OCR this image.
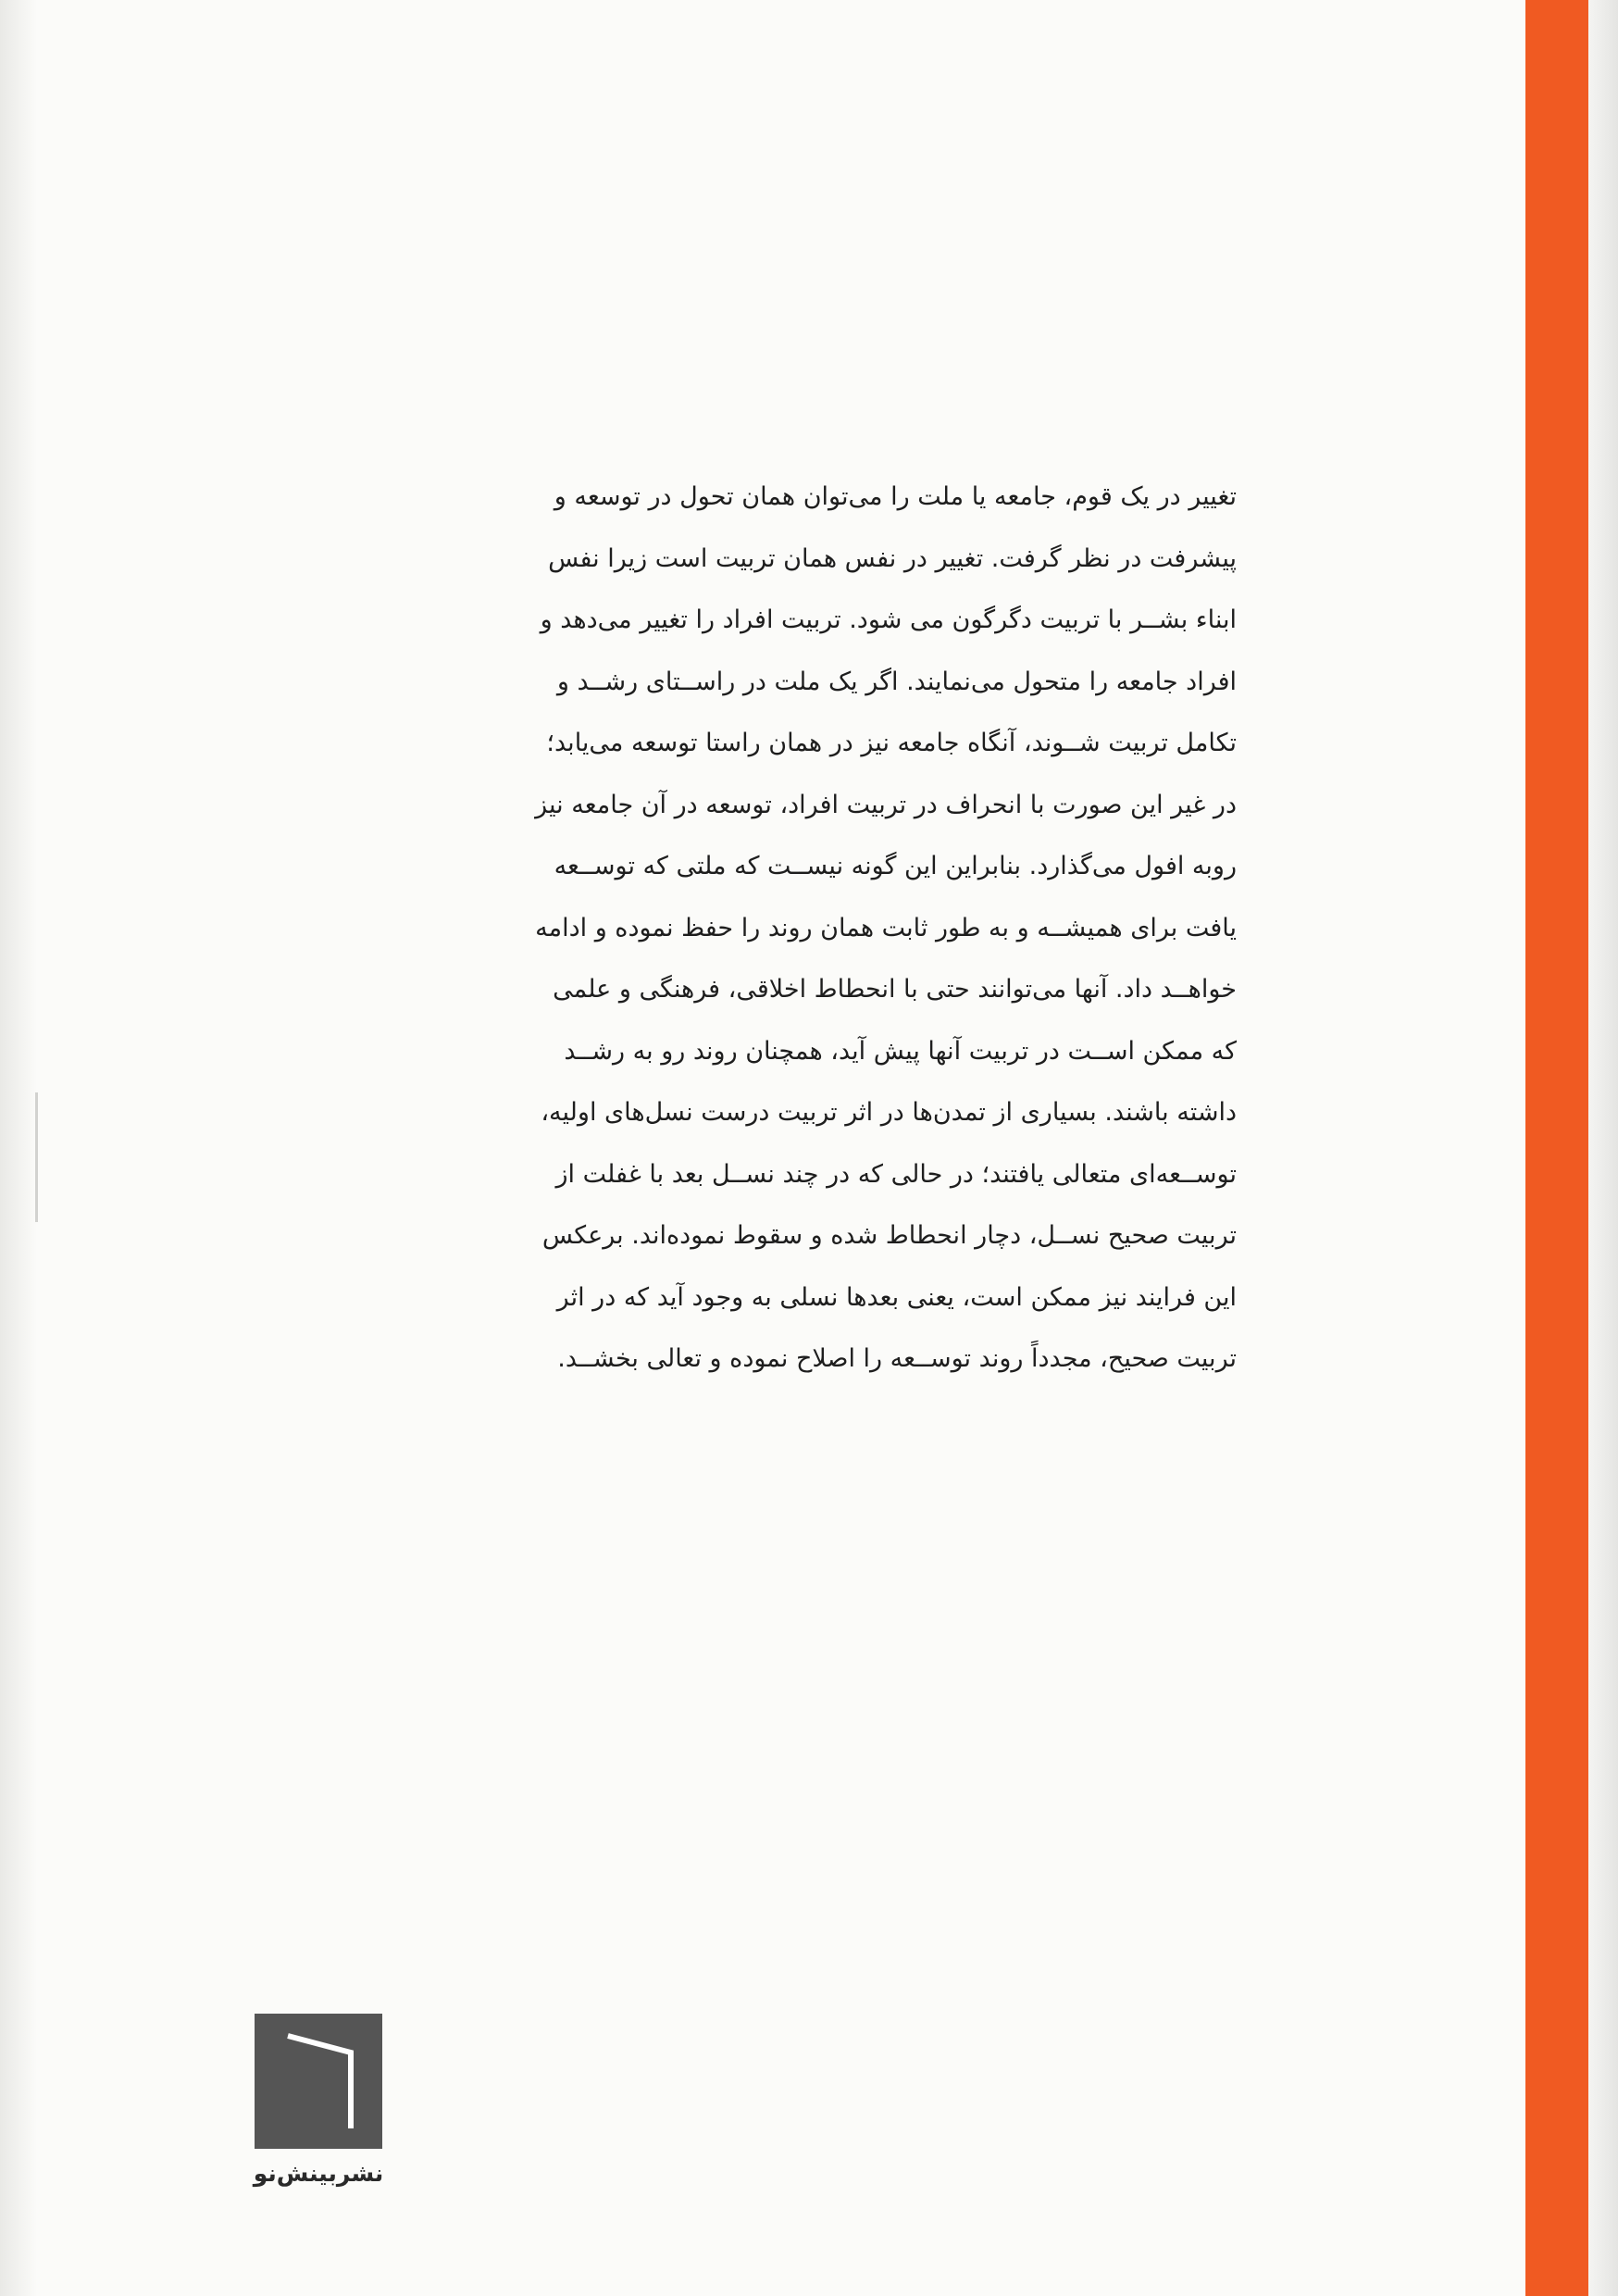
تغییر در یک قوم، جامعه یا ملت را می‌توان همان تحول در توسعه و
پیشرفت در نظر گرفت. تغییر در نفس همان تربیت است زیرا نفس
ابناء بشــر با تربیت دگرگون می شود. تربیت افراد را تغییر می‌دهد و
افراد جامعه را متحول می‌نمایند. اگر یک ملت در راســتای رشــد و
تکامل تربیت شــوند، آنگاه جامعه نیز در همان راستا توسعه می‌یابد؛
در غیر این صورت با انحراف در تربیت افراد، توسعه در آن جامعه نیز
روبه افول می‌گذارد. بنابراین این گونه نیســت که ملتی که توســعه
یافت برای همیشــه و به طور ثابت همان روند را حفظ نموده و ادامه
خواهــد داد. آنها می‌توانند حتی با انحطاط اخلاقی، فرهنگی و علمی
که ممکن اســت در تربیت آنها پیش آید، همچنان روند رو به رشــد
داشته باشند. بسیاری از تمدن‌ها در اثر تربیت درست نسل‌های اولیه،
توســعه‌ای متعالی یافتند؛ در حالی که در چند نســل بعد با غفلت از
تربیت صحیح نســل، دچار انحطاط شده و سقوط نموده‌اند. برعکس
این فرایند نیز ممکن است، یعنی بعدها نسلی به وجود آید که در اثر
تربیت صحیح، مجدداً روند توســعه را اصلاح نموده و تعالی بخشــد.

نشربینش‌نو
